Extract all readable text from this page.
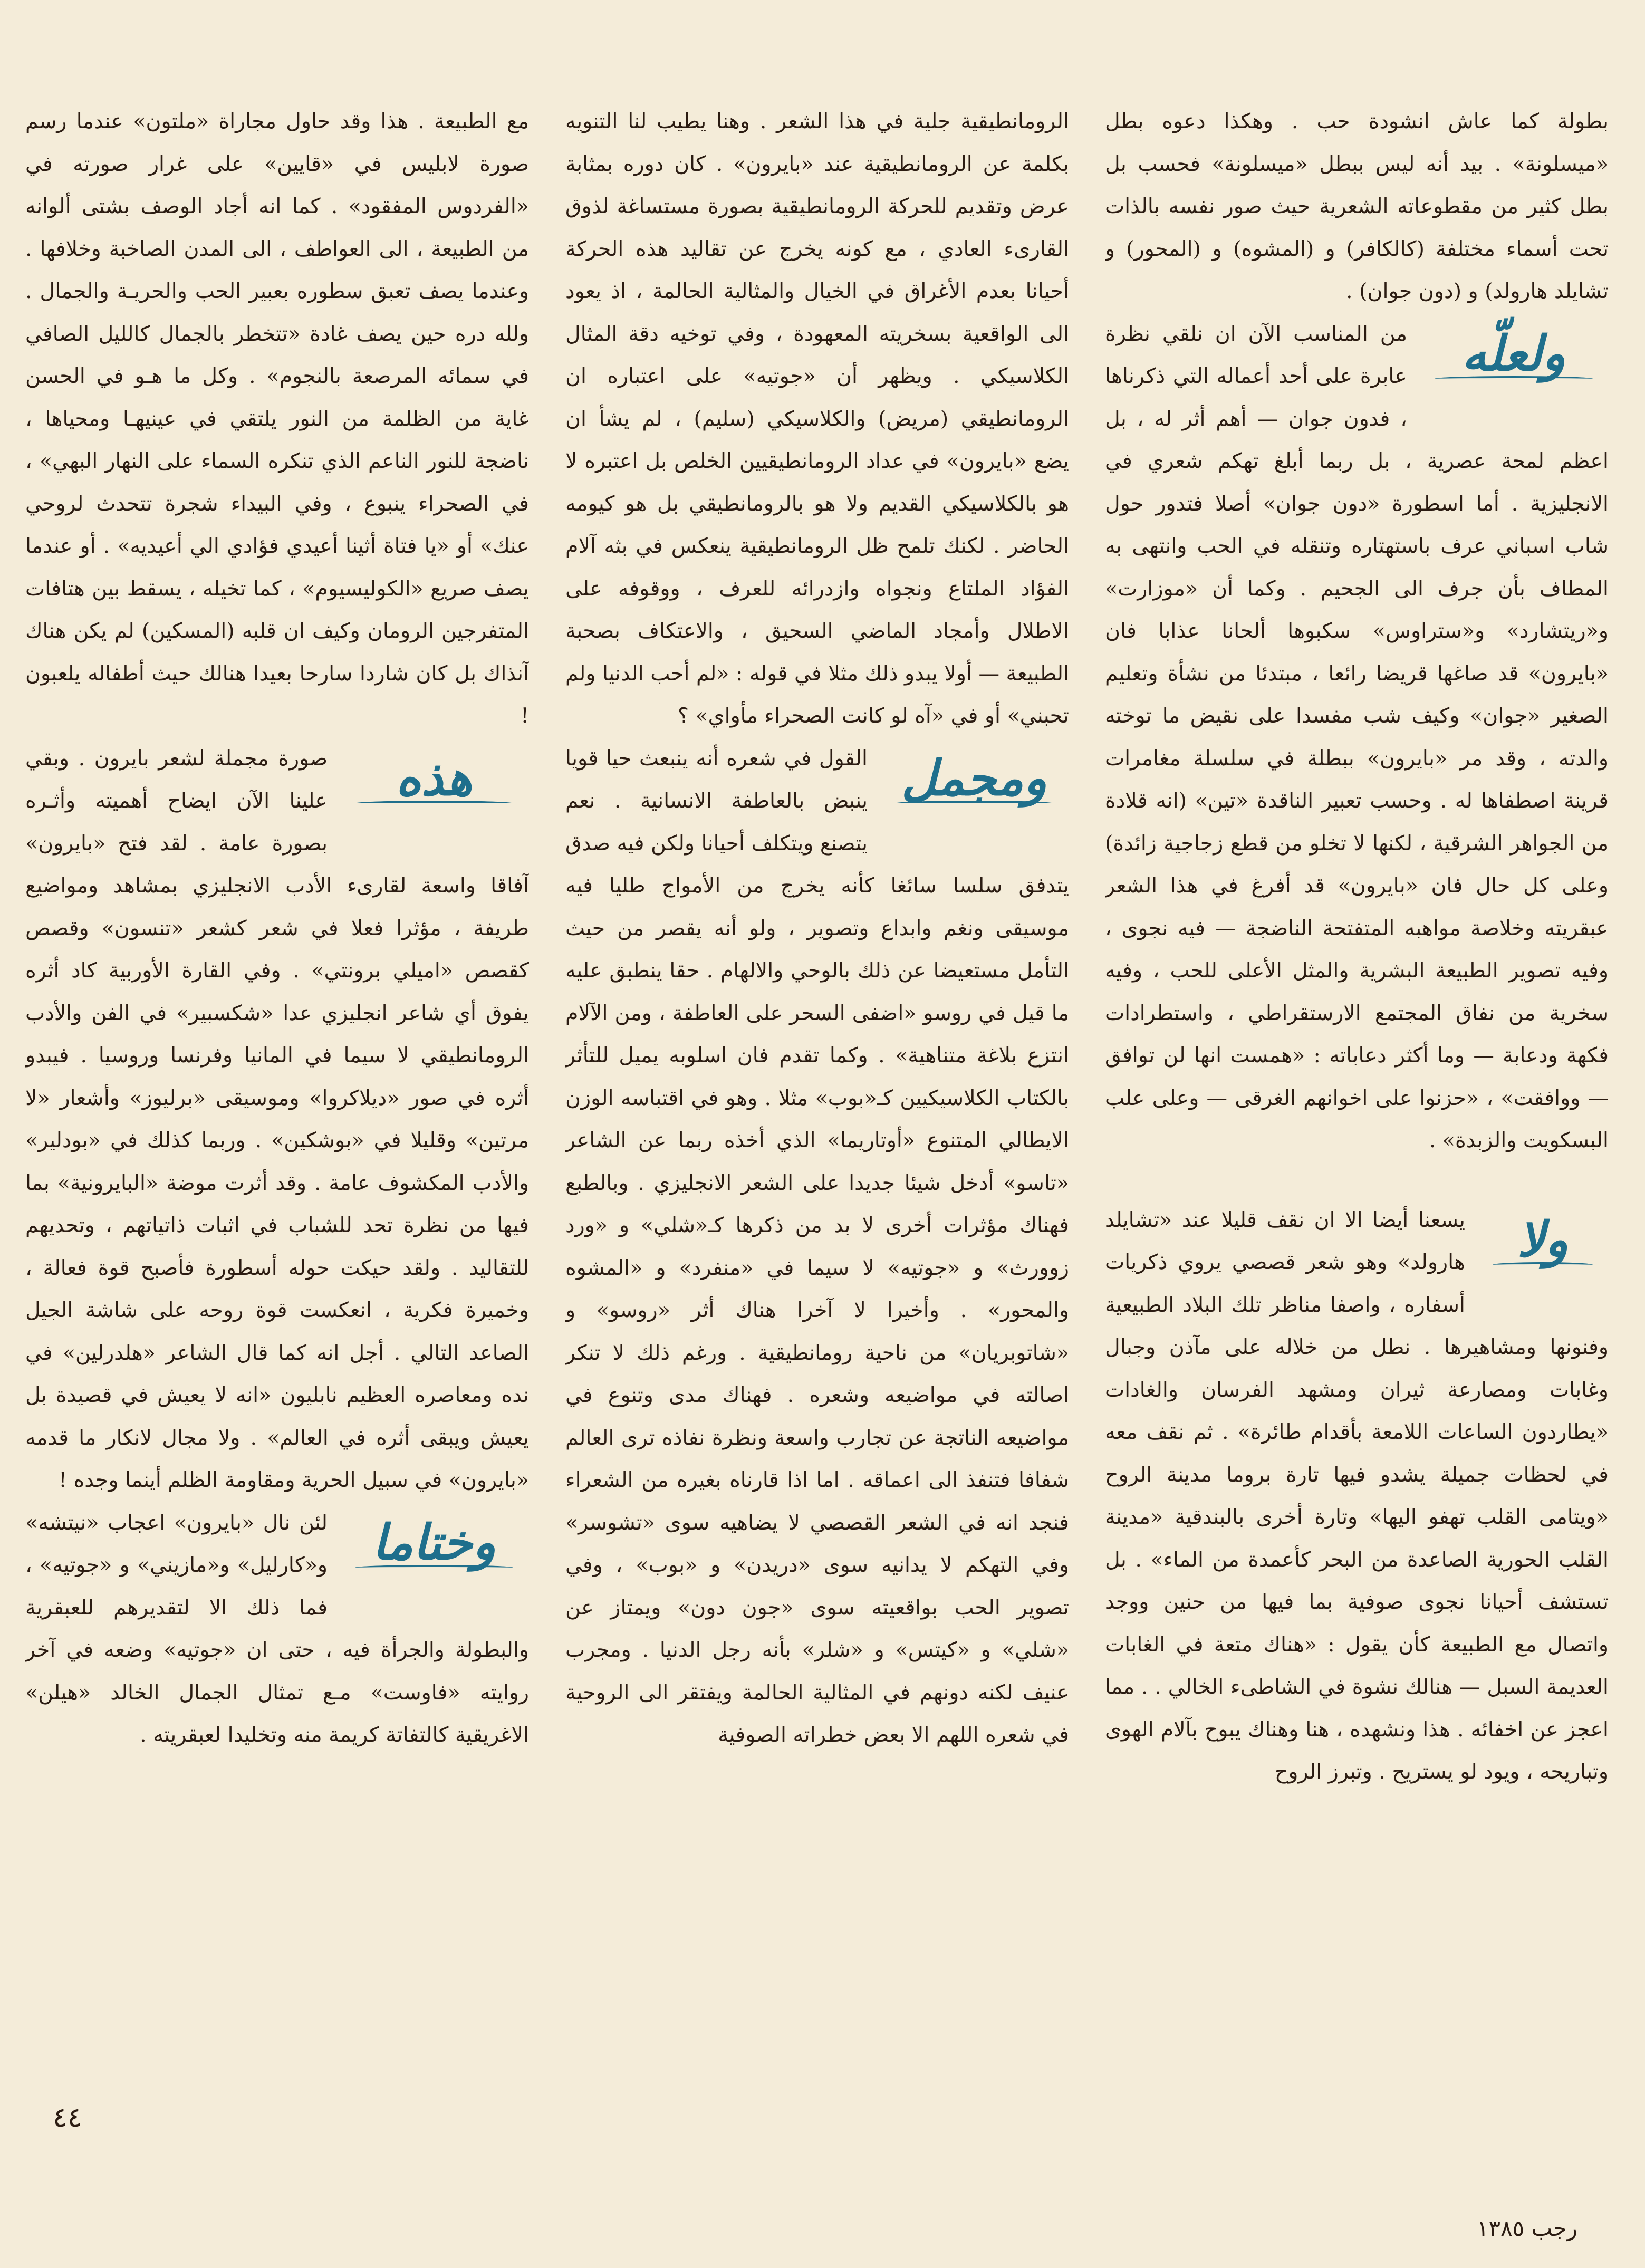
بطولة كما عاش انشودة حب . وهكذا دعوه بطل «ميسلونة» . بيد أنه ليس ببطل «ميسلونة» فحسب بل بطل كثير من مقطوعاته الشعرية حيث صور نفسه بالذات تحت أسماء مختلفة (كالكافر) و (المشوه) و (المحور) و تشايلد هارولد) و (دون جوان) .

ولعلّه

من المناسب الآن ان نلقي نظرة عابرة على أحد أعماله التي ذكرناها ، فدون جوان — أهم أثر له ، بل اعظم لمحة عصرية ، بل ربما أبلغ تهكم شعري في الانجليزية . أما اسطورة «دون جوان» أصلا فتدور حول شاب اسباني عرف باستهتاره وتنقله في الحب وانتهى به المطاف بأن جرف الى الجحيم . وكما أن «موزارت» و«ريتشارد» و«ستراوس» سكبوها ألحانا عذابا فان «بايرون» قد صاغها قريضا رائعا ، مبتدئا من نشأة وتعليم الصغير «جوان» وكيف شب مفسدا على نقيض ما توخته والدته ، وقد مر «بايرون» ببطلة في سلسلة مغامرات قرينة اصطفاها له . وحسب تعبير الناقدة «تين» (انه قلادة من الجواهر الشرقية ، لكنها لا تخلو من قطع زجاجية زائدة) وعلى كل حال فان «بايرون» قد أفرغ في هذا الشعر عبقريته وخلاصة مواهبه المتفتحة الناضجة — فيه نجوى ، وفيه تصوير الطبيعة البشرية والمثل الأعلى للحب ، وفيه سخرية من نفاق المجتمع الارستقراطي ، واستطرادات فكهة ودعابة — وما أكثر دعاباته : «همست انها لن توافق — ووافقت» ، «حزنوا على اخوانهم الغرقى — وعلى علب البسكويت والزبدة» .

ولا

يسعنا أيضا الا ان نقف قليلا عند «تشايلد هارولد» وهو شعر قصصي يروي ذكريات أسفاره ، واصفا مناظر تلك البلاد الطبيعية وفنونها ومشاهيرها . نطل من خلاله على مآذن وجبال وغابات ومصارعة ثيران ومشهد الفرسان والغادات «يطاردون الساعات اللامعة بأقدام طائرة» . ثم نقف معه في لحظات جميلة يشدو فيها تارة بروما مدينة الروح «ويتامى القلب تهفو اليها» وتارة أخرى بالبندقية «مدينة القلب الحورية الصاعدة من البحر كأعمدة من الماء» . بل تستشف أحيانا نجوى صوفية بما فيها من حنين ووجد واتصال مع الطبيعة كأن يقول : «هناك متعة في الغابات العديمة السبل — هنالك نشوة في الشاطىء الخالي . . مما اعجز عن اخفائه . هذا ونشهده ، هنا وهناك يبوح بآلام الهوى وتباريحه ، ويود لو يستريح . وتبرز الروح

الرومانطيقية جلية في هذا الشعر . وهنا يطيب لنا التنويه بكلمة عن الرومانطيقية عند «بايرون» . كان دوره بمثابة عرض وتقديم للحركة الرومانطيقية بصورة مستساغة لذوق القارىء العادي ، مع كونه يخرج عن تقاليد هذه الحركة أحيانا بعدم الأغراق في الخيال والمثالية الحالمة ، اذ يعود الى الواقعية بسخريته المعهودة ، وفي توخيه دقة المثال الكلاسيكي . ويظهر أن «جوتيه» على اعتباره ان الرومانطيقي (مريض) والكلاسيكي (سليم) ، لم يشأ ان يضع «بايرون» في عداد الرومانطيقيين الخلص بل اعتبره لا هو بالكلاسيكي القديم ولا هو بالرومانطيقي بل هو كيومه الحاضر . لكنك تلمح ظل الرومانطيقية ينعكس في بثه آلام الفؤاد الملتاع ونجواه وازدرائه للعرف ، ووقوفه على الاطلال وأمجاد الماضي السحيق ، والاعتكاف بصحبة الطبيعة — أولا يبدو ذلك مثلا في قوله : «لم أحب الدنيا ولم تحبني» أو في «آه لو كانت الصحراء مأواي» ؟

ومجمل

القول في شعره أنه ينبعث حيا قويا ينبض بالعاطفة الانسانية . نعم يتصنع ويتكلف أحيانا ولكن فيه صدق يتدفق سلسا سائغا كأنه يخرج من الأمواج طليا فيه موسيقى ونغم وابداع وتصوير ، ولو أنه يقصر من حيث التأمل مستعيضا عن ذلك بالوحي والالهام . حقا ينطبق عليه ما قيل في روسو «اضفى السحر على العاطفة ، ومن الآلام انتزع بلاغة متناهية» . وكما تقدم فان اسلوبه يميل للتأثر بالكتاب الكلاسيكيين كـ«بوب» مثلا . وهو في اقتباسه الوزن الايطالي المتنوع «أوتاريما» الذي أخذه ربما عن الشاعر «تاسو» أدخل شيئا جديدا على الشعر الانجليزي . وبالطبع فهناك مؤثرات أخرى لا بد من ذكرها كـ«شلي» و «ورد زوورث» و «جوتيه» لا سيما في «منفرد» و «المشوه والمحور» . وأخيرا لا آخرا هناك أثر «روسو» و «شاتوبريان» من ناحية رومانطيقية . ورغم ذلك لا تنكر اصالته في مواضيعه وشعره . فهناك مدى وتنوع في مواضيعه الناتجة عن تجارب واسعة ونظرة نفاذه ترى العالم شفافا فتنفذ الى اعماقه . اما اذا قارناه بغيره من الشعراء فنجد انه في الشعر القصصي لا يضاهيه سوى «تشوسر» وفي التهكم لا يدانيه سوى «دريدن» و «بوب» ، وفي تصوير الحب بواقعيته سوى «جون دون» ويمتاز عن «شلي» و «كيتس» و «شلر» بأنه رجل الدنيا . ومجرب عنيف لكنه دونهم في المثالية الحالمة ويفتقر الى الروحية في شعره اللهم الا بعض خطراته الصوفية

مع الطبيعة . هذا وقد حاول مجاراة «ملتون» عندما رسم صورة لابليس في «قايين» على غرار صورته في «الفردوس المفقود» . كما انه أجاد الوصف بشتى ألوانه من الطبيعة ، الى العواطف ، الى المدن الصاخبة وخلافها . وعندما يصف تعبق سطوره بعبير الحب والحريـة والجمال . ولله دره حين يصف غادة «تتخطر بالجمال كالليل الصافي في سمائه المرصعة بالنجوم» . وكل ما هـو في الحسن غاية من الظلمة من النور يلتقي في عينيهـا ومحياها ، ناضجة للنور الناعم الذي تنكره السماء على النهار البهي» ، في الصحراء ينبوع ، وفي البيداء شجرة تتحدث لروحي عنك» أو «يا فتاة أثينا أعيدي فؤادي الي أعيديه» . أو عندما يصف صريع «الكوليسيوم» ، كما تخيله ، يسقط بين هتافات المتفرجين الرومان وكيف ان قلبه (المسكين) لم يكن هناك آنذاك بل كان شاردا سارحا بعيدا هنالك حيث أطفاله يلعبون !

هذه

صورة مجملة لشعر بايرون . وبقي علينا الآن ايضاح أهميته وأثـره بصورة عامة . لقد فتح «بايرون» آفاقا واسعة لقارىء الأدب الانجليزي بمشاهد ومواضيع طريفة ، مؤثرا فعلا في شعر كشعر «تنسون» وقصص كقصص «اميلي برونتي» . وفي القارة الأوربية كاد أثره يفوق أي شاعر انجليزي عدا «شكسبير» في الفن والأدب الرومانطيقي لا سيما في المانيا وفرنسا وروسيا . فيبدو أثره في صور «ديلاكروا» وموسيقى «برليوز» وأشعار «لا مرتين» وقليلا في «بوشكين» . وربما كذلك في «بودلير» والأدب المكشوف عامة . وقد أثرت موضة «البايرونية» بما فيها من نظرة تحد للشباب في اثبات ذاتياتهم ، وتحديهم للتقاليد . ولقد حيكت حوله أسطورة فأصبح قوة فعالة ، وخميرة فكرية ، انعكست قوة روحه على شاشة الجيل الصاعد التالي . أجل انه كما قال الشاعر «هلدرلين» في نده ومعاصره العظيم نابليون «انه لا يعيش في قصيدة بل يعيش ويبقى أثره في العالم» . ولا مجال لانكار ما قدمه «بايرون» في سبيل الحرية ومقاومة الظلم أينما وجده !

وختاما

لئن نال «بايرون» اعجاب «نيتشه» و«كارليل» و«مازيني» و «جوتيه» ، فما ذلك الا لتقديرهم للعبقرية والبطولة والجرأة فيه ، حتى ان «جوتيه» وضعه في آخر روايته «فاوست» مـع تمثال الجمال الخالد «هيلن» الاغريقية كالتفاتة كريمة منه وتخليدا لعبقريته .

٤٤
رجب ١٣٨٥
